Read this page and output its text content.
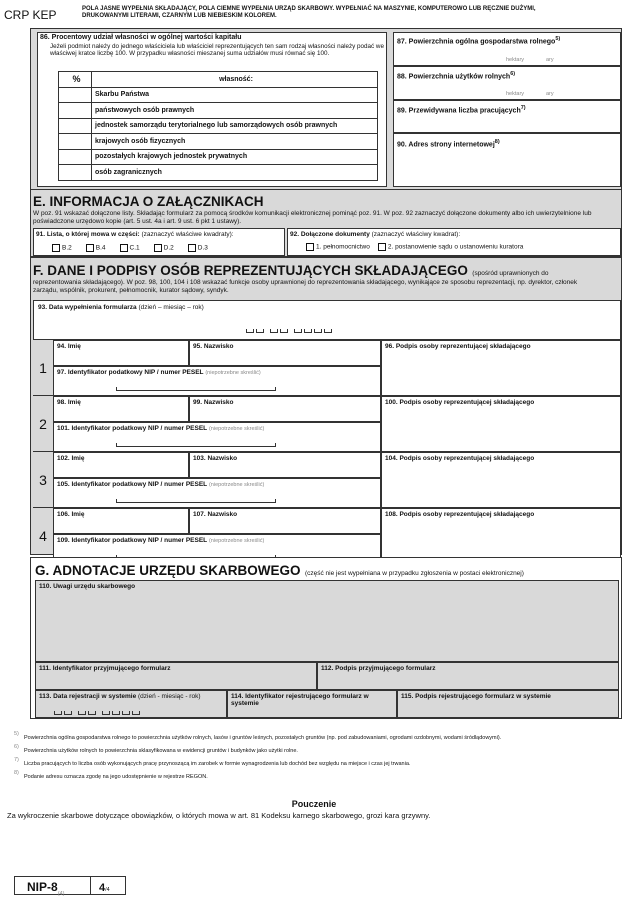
CRP KEP	POLA JASNE WYPEŁNIA SKŁADAJĄCY, POLA CIEMNE WYPEŁNIA URZĄD SKARBOWY. WYPEŁNIAĆ NA MASZYNIE, KOMPUTEROWO LUB RĘCZNIE DUŻYMI, DRUKOWANYMI LITERAMI, CZARNYM LUB NIEBIESKIM KOLOREM.
86. Procentowy udział własności w ogólnej wartości kapitału
Jeżeli podmiot należy do jednego właściciela lub właściciel reprezentujących ten sam rodzaj własności należy podać we właściwej kratce liczbę 100. W przypadku własności mieszanej suma udziałów musi równać się 100.
%	własność:
	Skarbu Państwa
	państwowych osób prawnych
	jednostek samorządu terytorialnego lub samorządowych osób prawnych
	krajowych osób fizycznych
	pozostałych krajowych jednostek prywatnych
	osób zagranicznych
87. Powierzchnia ogólna gospodarstwa rolnego$^{5)}$
hektary	ary
88. Powierzchnia użytków rolnych$^{6)}$
hektary	ary
89. Przewidywana liczba pracujących$^{7)}$
90. Adres strony internetowej$^{8)}$
E. INFORMACJA O ZAŁĄCZNIKACH
W poz. 91 wskazać dołączone listy. Składając formularz za pomocą środków komunikacji elektronicznej pominąć poz. 91. W poz. 92 zaznaczyć dołączone dokumenty albo ich uwierzytelnione lub poświadczone urzędowo kopie (art. 5 ust. 4a i art. 9 ust. 6 pkt 1 ustawy).
91. Lista, o której mowa w części: (zaznaczyć właściwe kwadraty):
B.2	B.4	C.1	D.2	D.3
92. Dołączone dokumenty (zaznaczyć właściwy kwadrat):
1. pełnomocnictwo	2. postanowienie sądu o ustanowieniu kuratora
F. DANE I PODPISY OSÓB REPREZENTUJĄCYCH SKŁADAJĄCEGO (spośród uprawnionych do
reprezentowania składającego). W poz. 98, 100, 104 i 108 wskazać funkcje osoby uprawnionej do reprezentowania składającego, wynikające ze sposobu reprezentacji, np. dyrektor, członek zarządu, wspólnik, prokurent, pełnomocnik, kurator sądowy, syndyk.
93. Data wypełnienia formularza (dzień – miesiąc – rok)
1
94. Imię	95. Nazwisko	96. Podpis osoby reprezentującej składającego
97. Identyfikator podatkowy NIP / numer PESEL (niepotrzebne skreślić)
2
98. Imię	99. Nazwisko	100. Podpis osoby reprezentującej składającego
101. Identyfikator podatkowy NIP / numer PESEL (niepotrzebne skreślić)
3
102. Imię	103. Nazwisko	104. Podpis osoby reprezentującej składającego
105. Identyfikator podatkowy NIP / numer PESEL (niepotrzebne skreślić)
4
106. Imię	107. Nazwisko	108. Podpis osoby reprezentującej składającego
109. Identyfikator podatkowy NIP / numer PESEL (niepotrzebne skreślić)
G. ADNOTACJE URZĘDU SKARBOWEGO (część nie jest wypełniana w przypadku zgłoszenia w postaci elektronicznej)
110. Uwagi urzędu skarbowego
111. Identyfikator przyjmującego formularz	112. Podpis przyjmującego formularz
113. Data rejestracji w systemie (dzień - miesiąc - rok)	114. Identyfikator rejestrującego formularz w systemie
115. Podpis rejestrującego formularz w systemie
5)
Powierzchnia ogólna gospodarstwa rolnego to powierzchnia użytków rolnych, lasów i gruntów leśnych, pozostałych gruntów (np. pod zabudowaniami, ogrodami ozdobnymi, wodami śródlądowymi).
6)
Powierzchnia użytków rolnych to powierzchnia sklasyfikowana w ewidencji gruntów i budynków jako użytki rolne.
7)
Liczba pracujących to liczba osób wykonujących pracę przynoszącą im zarobek w formie wynagrodzenia lub dochód bez względu na miejsce i czas jej trwania.
8)
Podanie adresu oznacza zgodę na jego udostępnienie w rejestrze REGON.
Pouczenie
Za wykroczenie skarbowe dotyczące obowiązków, o których mowa w art. 81 Kodeksu karnego skarbowego, grozi kara grzywny.
NIP-$8_{(4)}$
4/4
